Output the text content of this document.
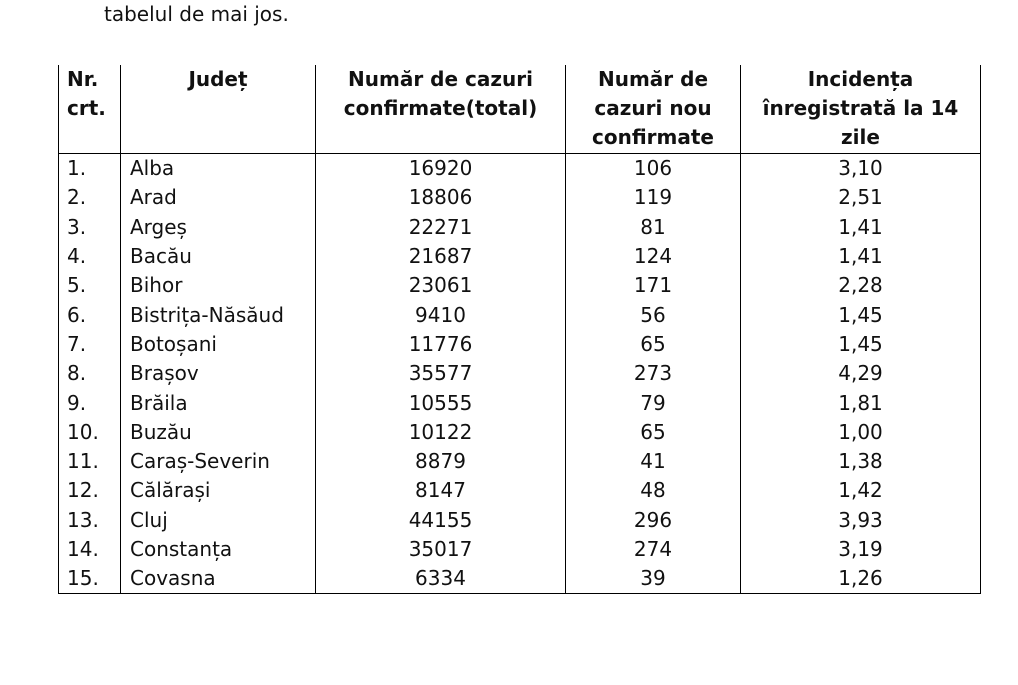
tabelul de mai jos.
Nr. crt.	Județ	Număr de cazuri confirmate(total)	Număr de cazuri nou confirmate	Incidența înregistrată la 14 zile
1.	Alba	16920	106	3,10
2.	Arad	18806	119	2,51
3.	Argeș	22271	81	1,41
4.	Bacău	21687	124	1,41
5.	Bihor	23061	171	2,28
6.	Bistrița-Năsăud	9410	56	1,45
7.	Botoșani	11776	65	1,45
8.	Brașov	35577	273	4,29
9.	Brăila	10555	79	1,81
10.	Buzău	10122	65	1,00
11.	Caraș-Severin	8879	41	1,38
12.	Călărași	8147	48	1,42
13.	Cluj	44155	296	3,93
14.	Constanța	35017	274	3,19
15.	Covasna	6334	39	1,26
